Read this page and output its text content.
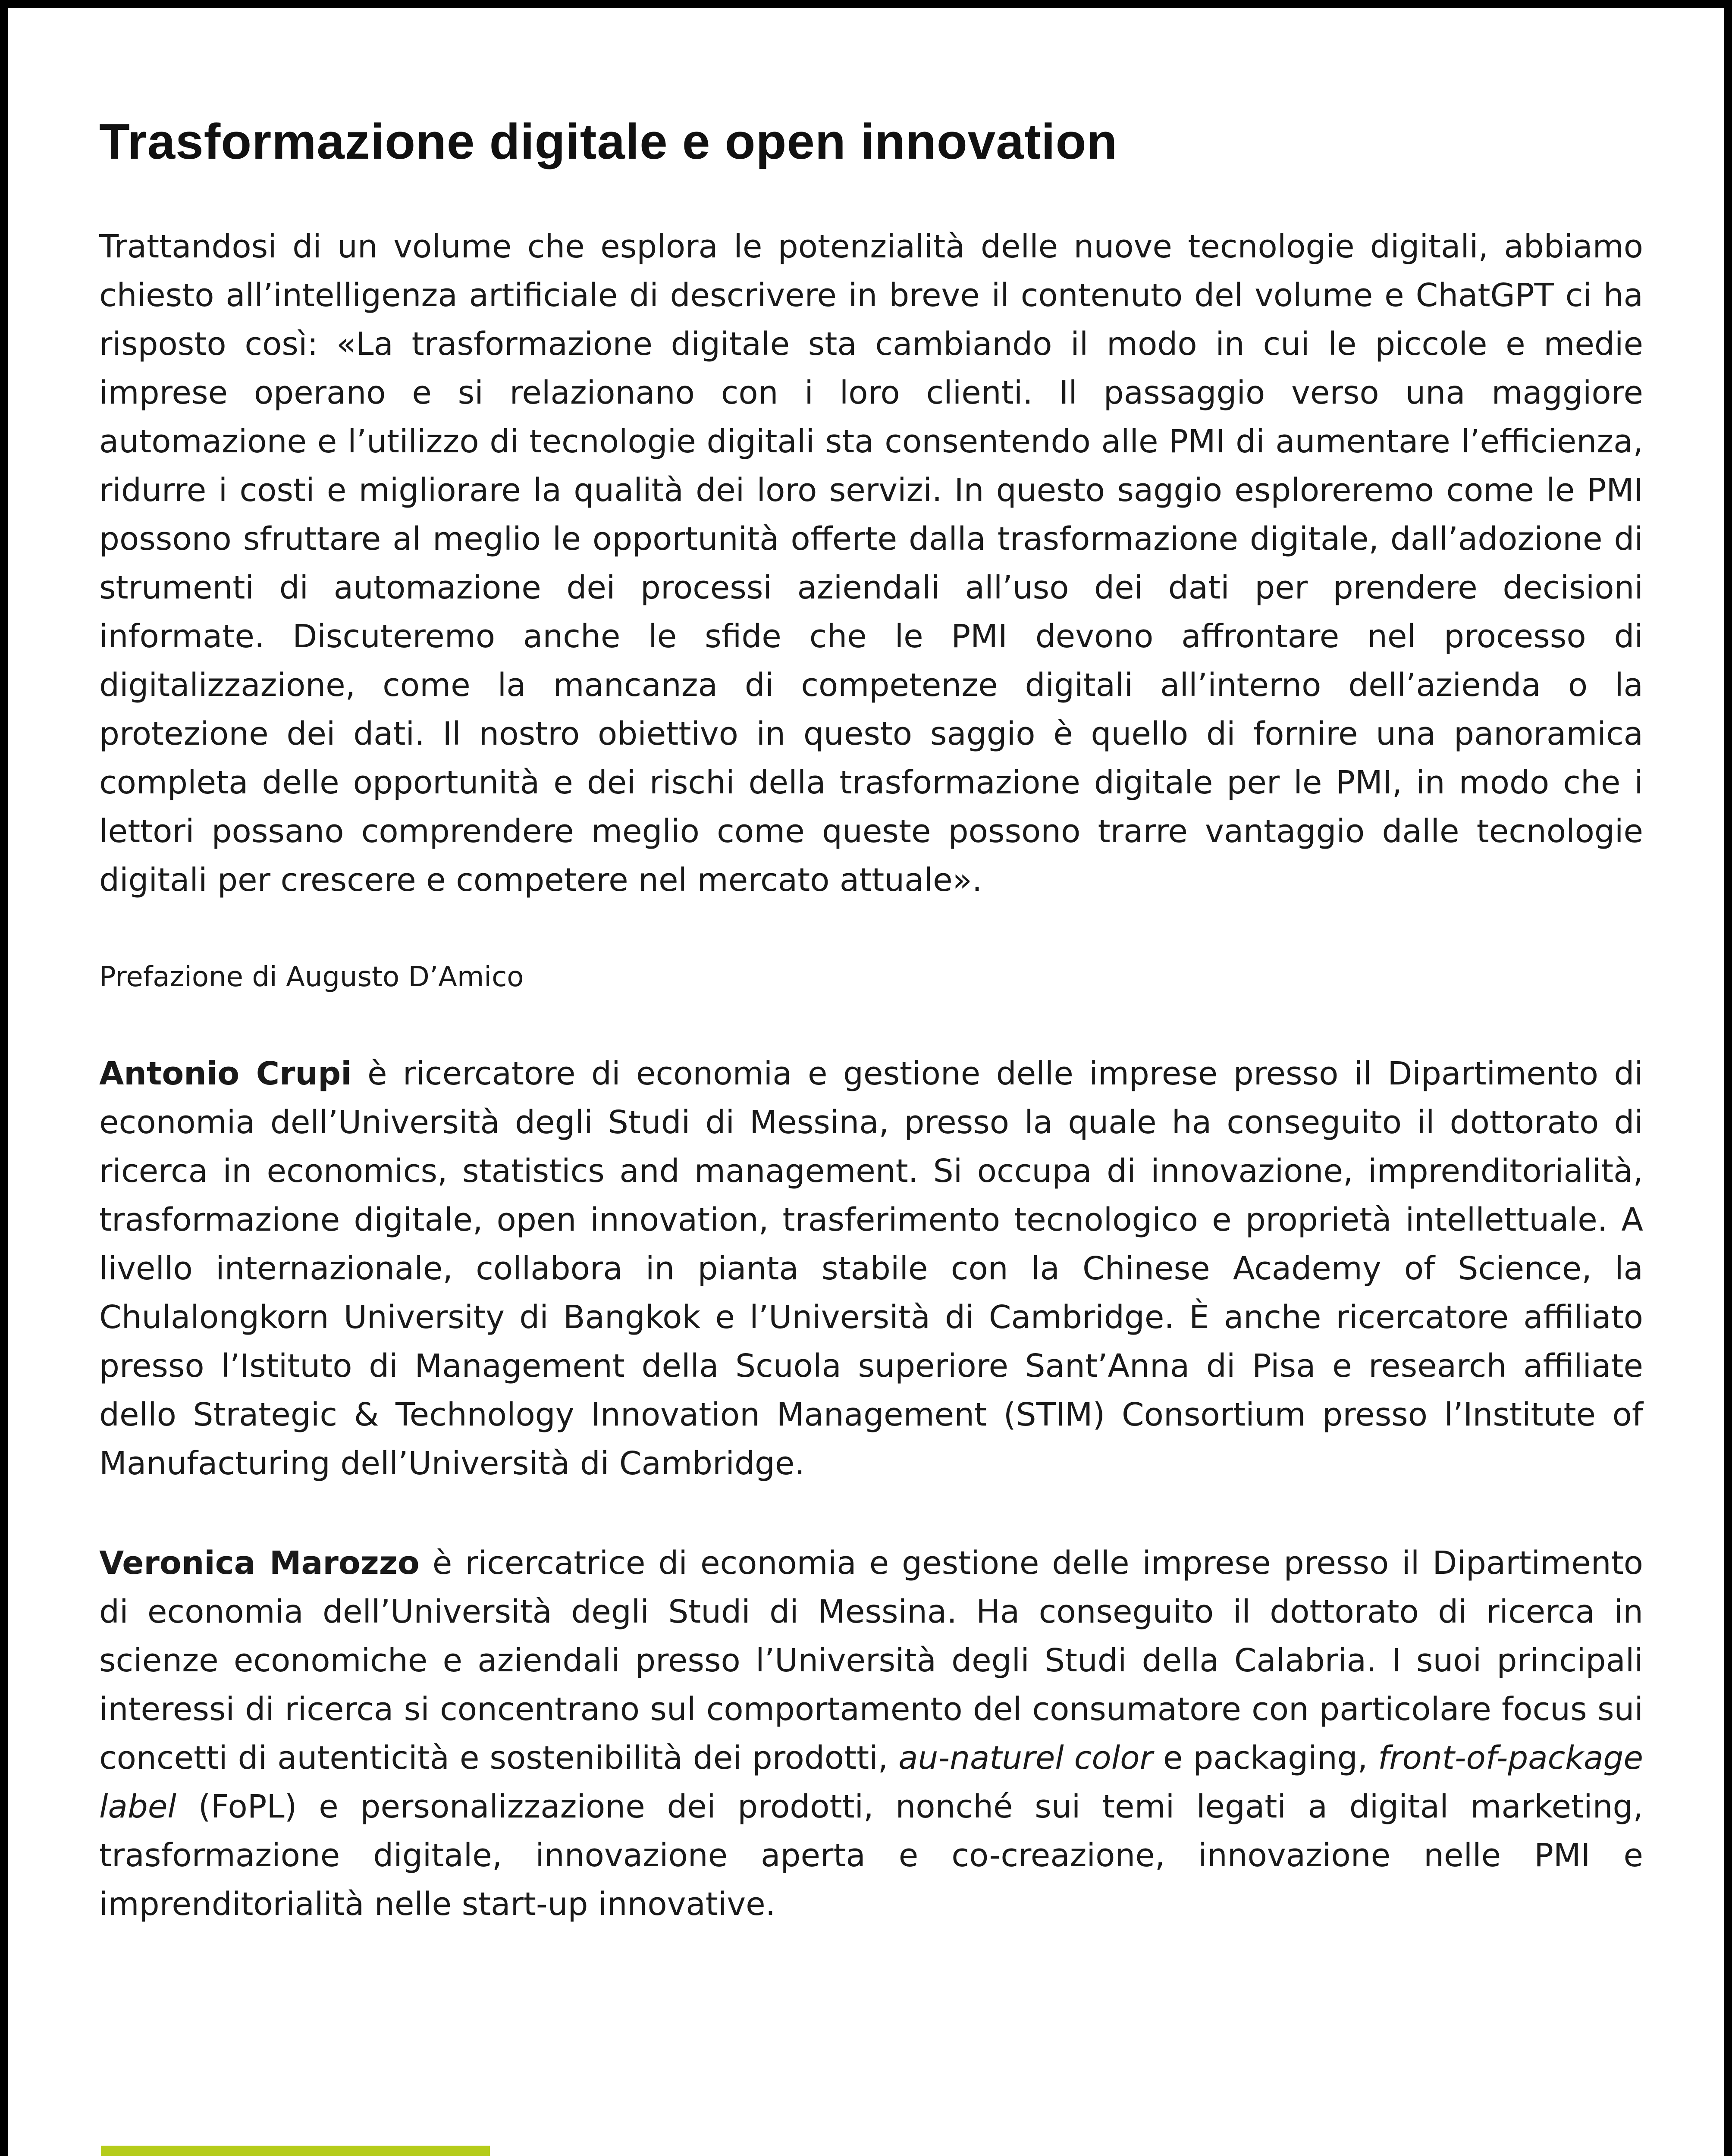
Trasformazione digitale e open innovation

Trattandosi di un volume che esplora le potenzialità delle nuove tecnologie digitali, abbiamo chiesto all’intelligenza artificiale di descrivere in breve il contenuto del volume e ChatGPT ci ha risposto così: «La trasformazione digitale sta cambiando il modo in cui le piccole e medie imprese operano e si relazionano con i loro clienti. Il passaggio verso una maggiore automazione e l’utilizzo di tecnologie digitali sta consentendo alle PMI di aumentare l’efficienza, ridurre i costi e migliorare la qualità dei loro servizi. In questo saggio esploreremo come le PMI possono sfruttare al meglio le opportunità offerte dalla trasformazione digitale, dall’adozione di strumenti di automazione dei processi aziendali all’uso dei dati per prendere decisioni informate. Discuteremo anche le sfide che le PMI devono affrontare nel processo di digitalizzazione, come la mancanza di competenze digitali all’interno dell’azienda o la protezione dei dati. Il nostro obiettivo in questo saggio è quello di fornire una panoramica completa delle opportunità e dei rischi della trasformazione digitale per le PMI, in modo che i lettori possano comprendere meglio come queste possono trarre vantaggio dalle tecnologie digitali per crescere e competere nel mercato attuale».

Prefazione di Augusto D’Amico

Antonio Crupi è ricercatore di economia e gestione delle imprese presso il Dipartimento di economia dell’Università degli Studi di Messina, presso la quale ha conseguito il dottorato di ricerca in economics, statistics and management. Si occupa di innovazione, imprenditorialità, trasformazione digitale, open innovation, trasferimento tecnologico e proprietà intellettuale. A livello internazionale, collabora in pianta stabile con la Chinese Academy of Science, la Chulalongkorn University di Bangkok e l’Università di Cambridge. È anche ricercatore affiliato presso l’Istituto di Management della Scuola superiore Sant’Anna di Pisa e research affiliate dello Strategic & Technology Innovation Management (STIM) Consortium presso l’Institute of Manufacturing dell’Università di Cambridge.

Veronica Marozzo è ricercatrice di economia e gestione delle imprese presso il Dipartimento di economia dell’Università degli Studi di Messina. Ha conseguito il dottorato di ricerca in scienze economiche e aziendali presso l’Università degli Studi della Calabria. I suoi principali interessi di ricerca si concentrano sul comportamento del consumatore con particolare focus sui concetti di autenticità e sostenibilità dei prodotti, au-naturel color e packaging, front-of-package label (FoPL) e personalizzazione dei prodotti, nonché sui temi legati a digital marketing, trasformazione digitale, innovazione aperta e co-creazione, innovazione nelle PMI e imprenditorialità nelle start-up innovative.
